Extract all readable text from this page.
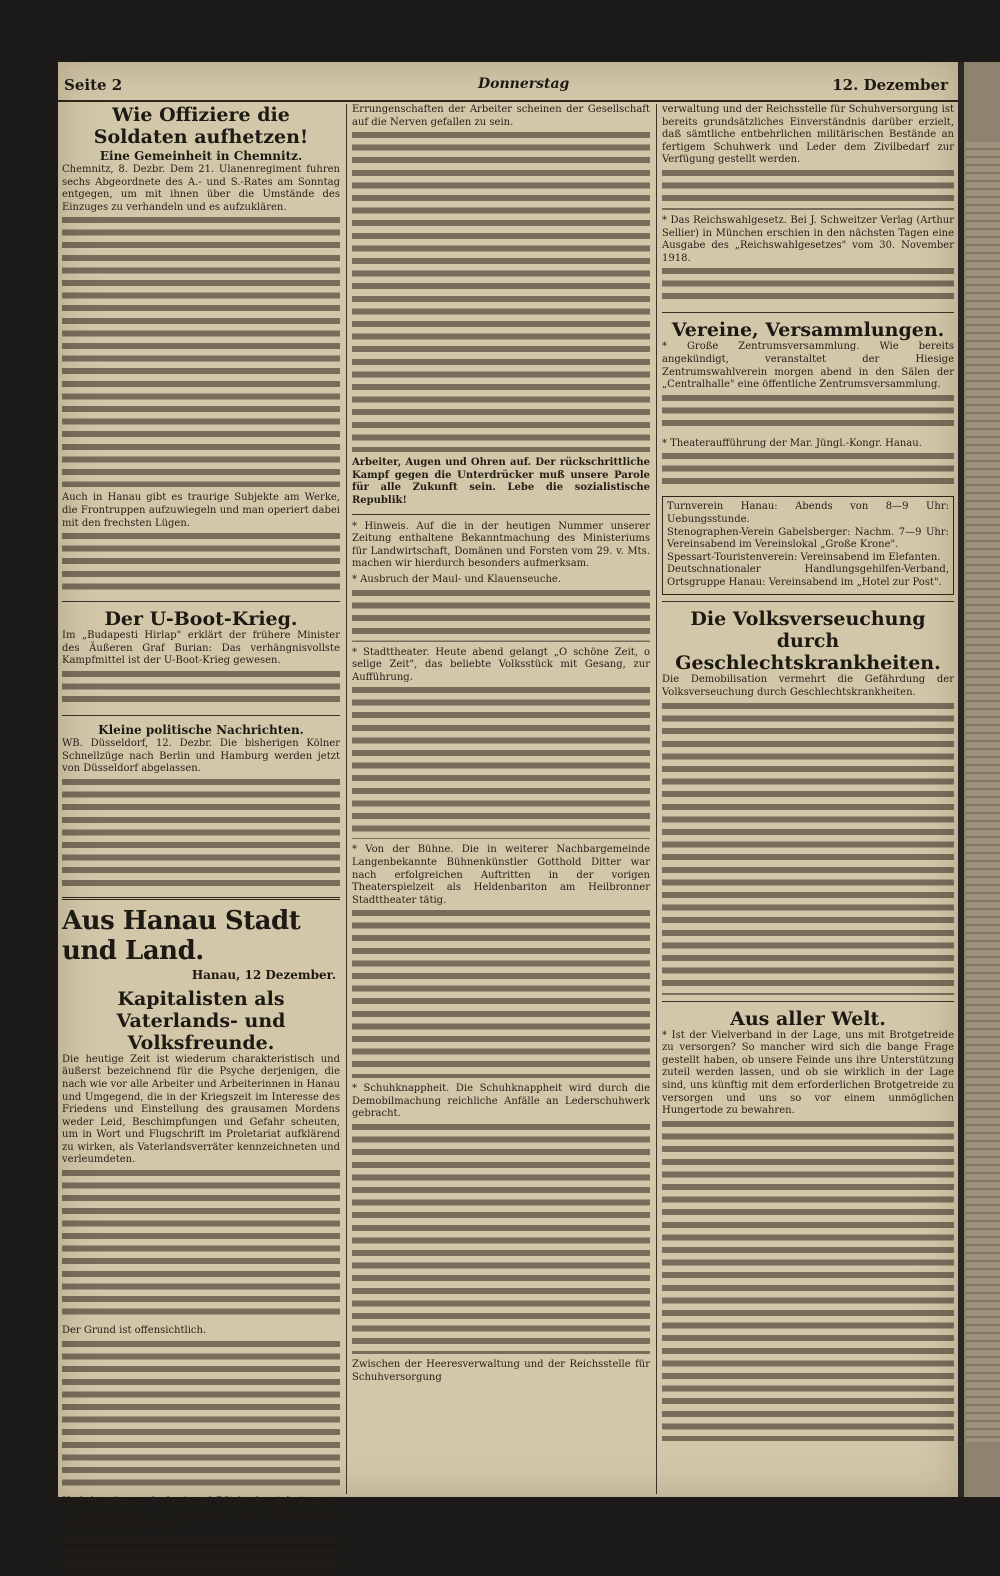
Seite 2	Donnerstag	12. Dezember
Wie Offiziere die Soldaten aufhetzen!
Eine Gemeinheit in Chemnitz.

Chemnitz, 8. Dezbr. Dem 21. Ulanenregiment fuhren sechs Abgeordnete des A.- und S.-Rates am Sonntag entgegen, um mit ihnen über die Umstände des Einzuges zu verhandeln und es aufzuklären.

Auch in Hanau gibt es traurige Subjekte am Werke, die Frontruppen aufzuwiegeln und man operiert dabei mit den frechsten Lügen.

Der U-Boot-Krieg.

Im „Budapesti Hirlap" erklärt der frühere Minister des Äußeren Graf Burian: Das verhängnisvollste Kampfmittel ist der U-Boot-Krieg gewesen.

Kleine politische Nachrichten.

WB. Düsseldorf, 12. Dezbr. Die bisherigen Kölner Schnellzüge nach Berlin und Hamburg werden jetzt von Düsseldorf abgelassen.

Aus Hanau Stadt und Land.
Hanau, 12 Dezember.
Kapitalisten als Vaterlands- und Volksfreunde.

Die heutige Zeit ist wiederum charakteristisch und äußerst bezeichnend für die Psyche derjenigen, die nach wie vor alle Arbeiter und Arbeiterinnen in Hanau und Umgegend, die in der Kriegszeit im Interesse des Friedens und Einstellung des grausamen Mordens weder Leid, Beschimpfungen und Gefahr scheuten, um in Wort und Flugschrift im Proletariat aufklärend zu wirken, als Vaterlandsverräter kennzeichneten und verleumdeten.

Der Grund ist offensichtlich.

Und da wäre es doch einmal Pflicht des Arbeiterrats, zu untersuchen, wer eigentlich diese wohlmeinenden Sozialdemokraten sind.

Errungenschaften der Arbeiter scheinen der Gesellschaft auf die Nerven gefallen zu sein.

Arbeiter, Augen und Ohren auf. Der rückschrittliche Kampf gegen die Unterdrücker muß unsere Parole für alle Zukunft sein. Lebe die sozialistische Republik!

* Hinweis. Auf die in der heutigen Nummer unserer Zeitung enthaltene Bekanntmachung des Ministeriums für Landwirtschaft, Domänen und Forsten vom 29. v. Mts. machen wir hierdurch besonders aufmerksam.

* Ausbruch der Maul- und Klauenseuche.

* Stadttheater. Heute abend gelangt „O schöne Zeit, o selige Zeit", das beliebte Volksstück mit Gesang, zur Aufführung.

* Von der Bühne. Die in weiterer Nachbargemeinde Langenbekannte Bühnenkünstler Gotthold Ditter war nach erfolgreichen Auftritten in der vorigen Theaterspielzeit als Heldenbariton am Heilbronner Stadttheater tätig.

* Schuhknappheit. Die Schuhknappheit wird durch die Demobilmachung reichliche Anfälle an Lederschuhwerk gebracht.

Zwischen der Heeresverwaltung und der Reichsstelle für Schuhversorgung

verwaltung und der Reichsstelle für Schuhversorgung ist bereits grundsätzliches Einverständnis darüber erzielt, daß sämtliche entbehrlichen militärischen Bestände an fertigem Schuhwerk und Leder dem Zivilbedarf zur Verfügung gestellt werden.

* Das Reichswahlgesetz. Bei J. Schweitzer Verlag (Arthur Sellier) in München erschien in den nächsten Tagen eine Ausgabe des „Reichswahlgesetzes" vom 30. November 1918.

Vereine, Versammlungen.

* Große Zentrumsversammlung. Wie bereits angekündigt, veranstaltet der Hiesige Zentrumswahlverein morgen abend in den Sälen der „Centralhalle" eine öffentliche Zentrumsversammlung.

* Theateraufführung der Mar. Jüngl.-Kongr. Hanau.

Turnverein Hanau: Abends von 8—9 Uhr: Uebungsstunde.
Stenographen-Verein Gabelsberger: Nachm. 7—9 Uhr: Vereinsabend im Vereinslokal „Große Krone".
Spessart-Touristenverein: Vereinsabend im Elefanten.
Deutschnationaler Handlungsgehilfen-Verband, Ortsgruppe Hanau: Vereinsabend im „Hotel zur Post".

Die Volksverseuchung durch Geschlechtskrankheiten.

Die Demobilisation vermehrt die Gefährdung der Volksverseuchung durch Geschlechtskrankheiten.

Aus aller Welt.

* Ist der Vielverband in der Lage, uns mit Brotgetreide zu versorgen? So mancher wird sich die bange Frage gestellt haben, ob unsere Feinde uns ihre Unterstützung zuteil werden lassen, und ob sie wirklich in der Lage sind, uns künftig mit dem erforderlichen Brotgetreide zu versorgen und uns so vor einem unmöglichen Hungertode zu bewahren.
